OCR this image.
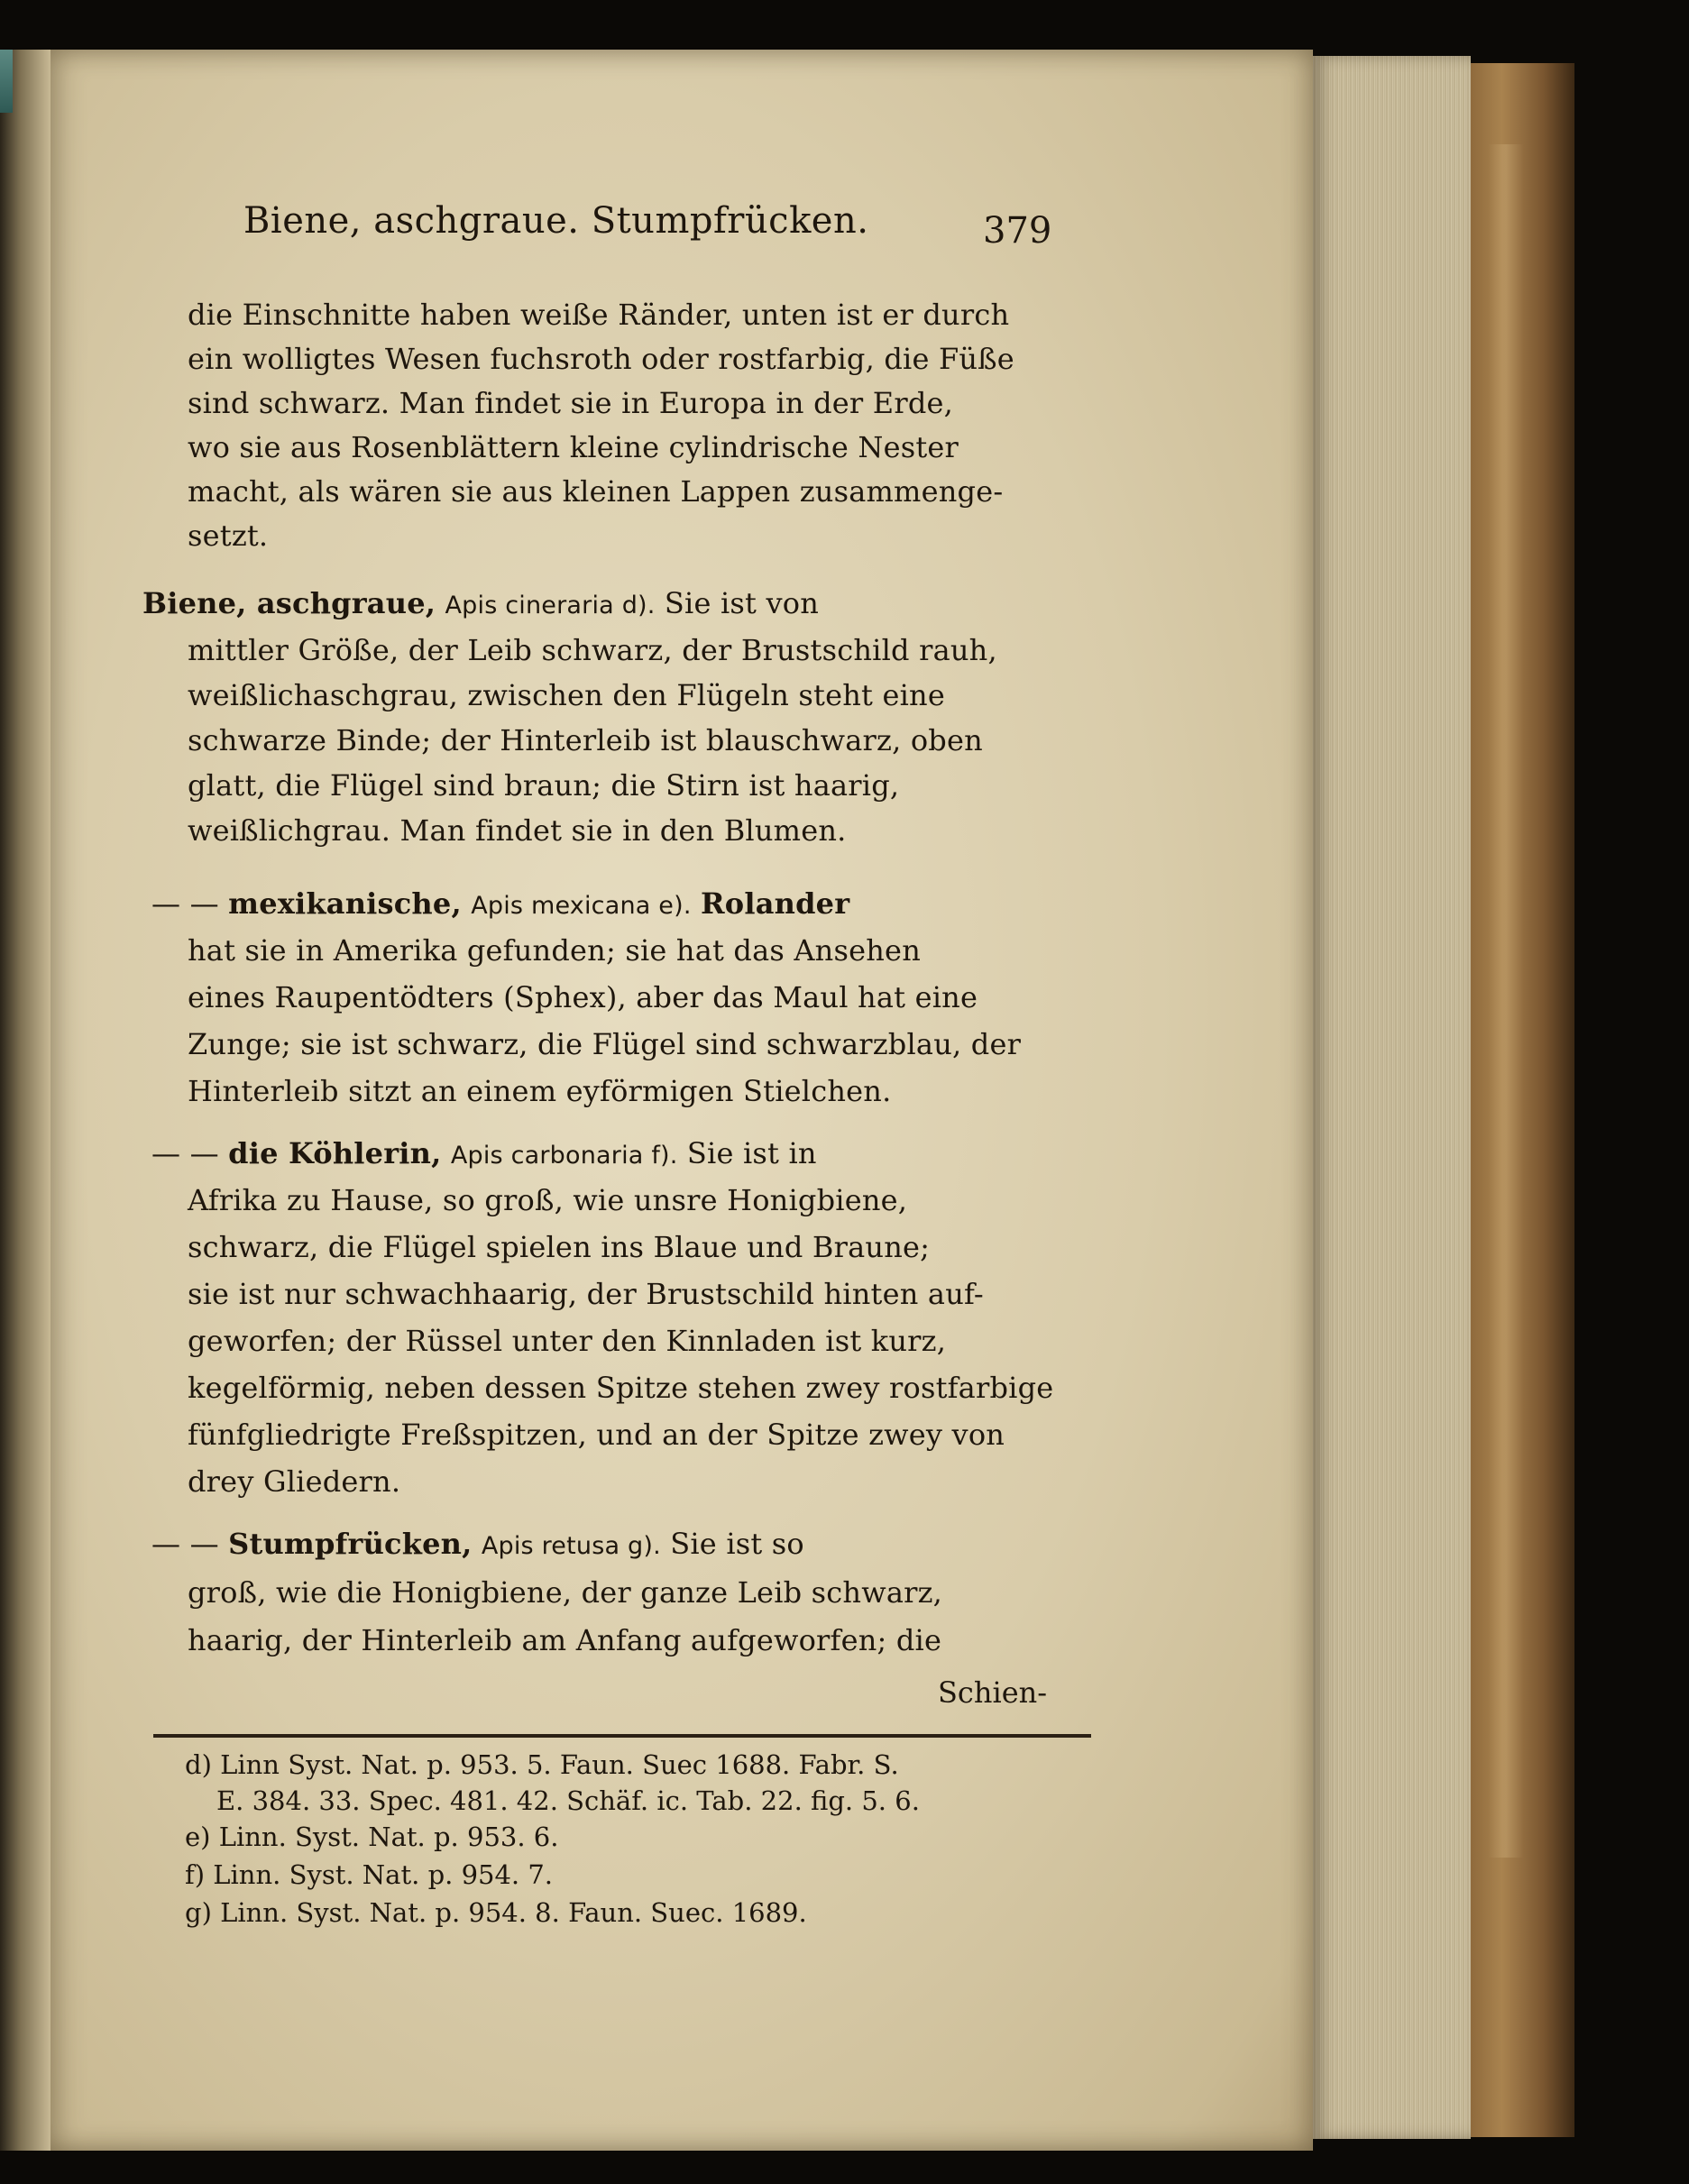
Biene, aschgraue. Stumpfrücken.	379
die Einschnitte haben weiße Ränder, unten ist er durch
ein wolligtes Wesen fuchsroth oder rostfarbig, die Füße
sind schwarz. Man findet sie in Europa in der Erde,
wo sie aus Rosenblättern kleine cylindrische Nester
macht, als wären sie aus kleinen Lappen zusammenge-
setzt.
Biene, aschgraue, Apis cineraria d). Sie ist von
mittler Größe, der Leib schwarz, der Brustschild rauh,
weißlichaschgrau, zwischen den Flügeln steht eine
schwarze Binde; der Hinterleib ist blauschwarz, oben
glatt, die Flügel sind braun; die Stirn ist haarig,
weißlichgrau. Man findet sie in den Blumen.
— — mexikanische, Apis mexicana e). Rolander
hat sie in Amerika gefunden; sie hat das Ansehen
eines Raupentödters (Sphex), aber das Maul hat eine
Zunge; sie ist schwarz, die Flügel sind schwarzblau, der
Hinterleib sitzt an einem eyförmigen Stielchen.
— — die Köhlerin, Apis carbonaria f). Sie ist in
Afrika zu Hause, so groß, wie unsre Honigbiene,
schwarz, die Flügel spielen ins Blaue und Braune;
sie ist nur schwachhaarig, der Brustschild hinten auf-
geworfen; der Rüssel unter den Kinnladen ist kurz,
kegelförmig, neben dessen Spitze stehen zwey rostfarbige
fünfgliedrigte Freßspitzen, und an der Spitze zwey von
drey Gliedern.
— — Stumpfrücken, Apis retusa g). Sie ist so
groß, wie die Honigbiene, der ganze Leib schwarz,
haarig, der Hinterleib am Anfang aufgeworfen; die
Schien-
d) Linn Syst. Nat. p. 953. 5. Faun. Suec 1688. Fabr. S.
E. 384. 33. Spec. 481. 42. Schäf. ic. Tab. 22. fig. 5. 6.
e) Linn. Syst. Nat. p. 953. 6.
f) Linn. Syst. Nat. p. 954. 7.
g) Linn. Syst. Nat. p. 954. 8. Faun. Suec. 1689.
